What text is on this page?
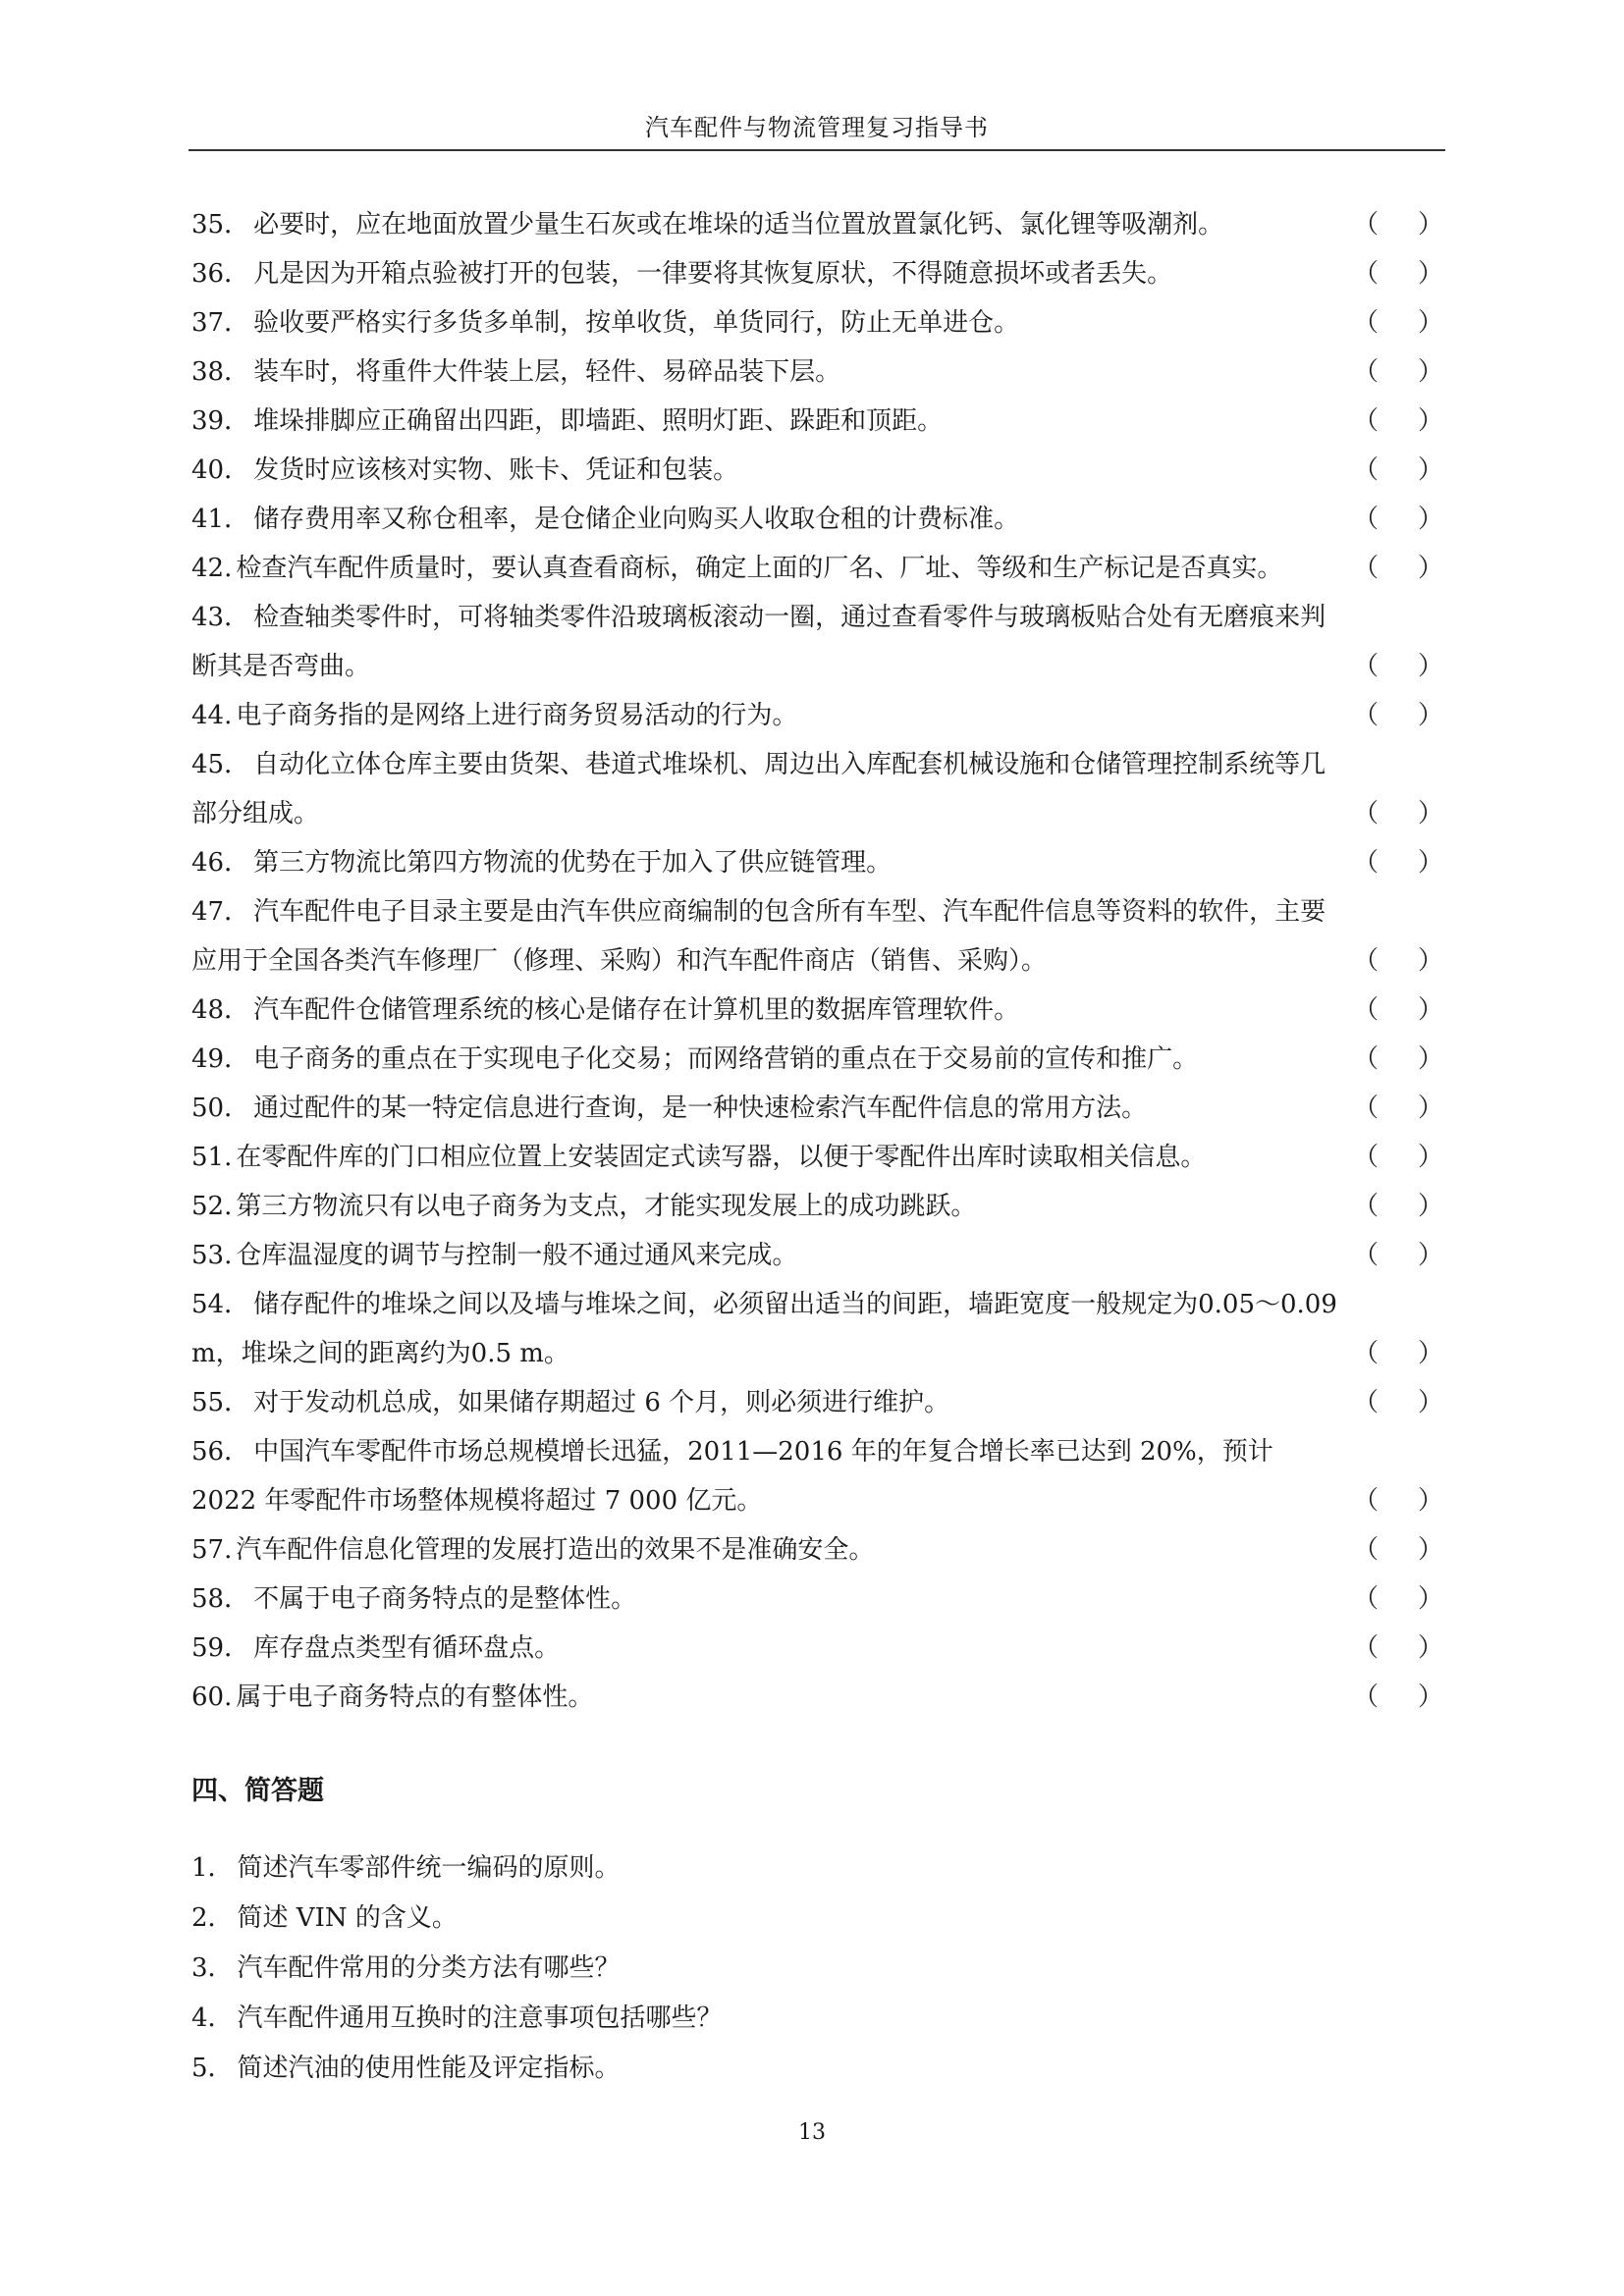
汽车配件与物流管理复习指导书

35． 必要时，应在地面放置少量生石灰或在堆垛的适当位置放置氯化钙、氯化锂等吸潮剂。	（ ）

36． 凡是因为开箱点验被打开的包装，一律要将其恢复原状，不得随意损坏或者丢失。	（ ）

37． 验收要严格实行多货多单制，按单收货，单货同行，防止无单进仓。	（ ）

38． 装车时，将重件大件装上层，轻件、易碎品装下层。	（ ）

39． 堆垛排脚应正确留出四距，即墙距、照明灯距、跺距和顶距。	（ ）

40． 发货时应该核对实物、账卡、凭证和包装。	（ ）

41． 储存费用率又称仓租率，是仓储企业向购买人收取仓租的计费标准。	（ ）

42. 检查汽车配件质量时，要认真查看商标，确定上面的厂名、厂址、等级和生产标记是否真实。	（ ）

43． 检查轴类零件时，可将轴类零件沿玻璃板滚动一圈，通过查看零件与玻璃板贴合处有无磨痕来判断其是否弯曲。	（ ）

44. 电子商务指的是网络上进行商务贸易活动的行为。	（ ）

45． 自动化立体仓库主要由货架、巷道式堆垛机、周边出入库配套机械设施和仓储管理控制系统等几部分组成。	（ ）

46． 第三方物流比第四方物流的优势在于加入了供应链管理。	（ ）

47． 汽车配件电子目录主要是由汽车供应商编制的包含所有车型、汽车配件信息等资料的软件，主要应用于全国各类汽车修理厂（修理、采购）和汽车配件商店（销售、采购）。	（ ）

48． 汽车配件仓储管理系统的核心是储存在计算机里的数据库管理软件。	（ ）

49． 电子商务的重点在于实现电子化交易；而网络营销的重点在于交易前的宣传和推广。	（ ）

50． 通过配件的某一特定信息进行查询，是一种快速检索汽车配件信息的常用方法。	（ ）

51. 在零配件库的门口相应位置上安装固定式读写器，以便于零配件出库时读取相关信息。	（ ）

52. 第三方物流只有以电子商务为支点，才能实现发展上的成功跳跃。	（ ）

53. 仓库温湿度的调节与控制一般不通过通风来完成。	（ ）

54． 储存配件的堆垛之间以及墙与堆垛之间，必须留出适当的间距，墙距宽度一般规定为0.05～0.09 m，堆垛之间的距离约为0.5 m。	（ ）

55． 对于发动机总成，如果储存期超过 6 个月，则必须进行维护。	（ ）

56． 中国汽车零配件市场总规模增长迅猛，2011—2016 年的年复合增长率已达到 20%，预计 2022 年零配件市场整体规模将超过 7 000 亿元。	（ ）

57. 汽车配件信息化管理的发展打造出的效果不是准确安全。	（ ）

58． 不属于电子商务特点的是整体性。	（ ）

59． 库存盘点类型有循环盘点。	（ ）

60. 属于电子商务特点的有整体性。	（ ）

四、简答题

1． 简述汽车零部件统一编码的原则。

2． 简述 VIN 的含义。

3． 汽车配件常用的分类方法有哪些？

4． 汽车配件通用互换时的注意事项包括哪些？

5． 简述汽油的使用性能及评定指标。

13
